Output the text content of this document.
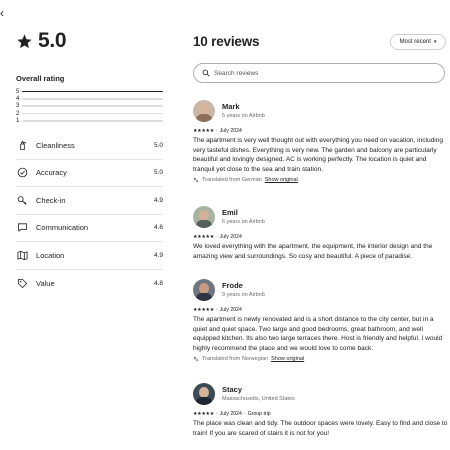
‹
5.0
Overall rating
5
4
3
2
1
Cleanliness	5.0
Accuracy	5.0
Check-in	4.9
Communication	4.6
Location	4.9
Value	4.8
10 reviews	Most recent ▾
Search reviews
Mark
5 years on Airbnb
★★★★★ · July 2024
The apartment is very well thought out with everything you need on vacation, including very tasteful dishes. Everything is very new. The garden and balcony are particularly beautiful and lovingly designed. AC is working perfectly. The location is quiet and tranquil yet close to the sea and train station.
Translated from German Show original
Emil
6 years on Airbnb
★★★★★ · July 2024
We loved everything with the apartment, the equipment, the interior design and the amazing view and surroundings. So cosy and beautiful. A piece of paradise.
Frode
9 years on Airbnb
★★★★★ · July 2024
The apartment is newly renovated and is a short distance to the city center, but in a quiet and quiet space. Two large and good bedrooms, great bathroom, and well equipped kitchen. Its also two large terraces there. Host is friendly and helpful. I would highly recommend the place and we would love to come back.
Translated from Norwegian Show original
Stacy
Massachusetts, United States
★★★★★ · July 2024 · Group trip
The place was clean and tidy. The outdoor spaces were lovely. Easy to find and close to train! If you are scared of stairs it is not for you!
